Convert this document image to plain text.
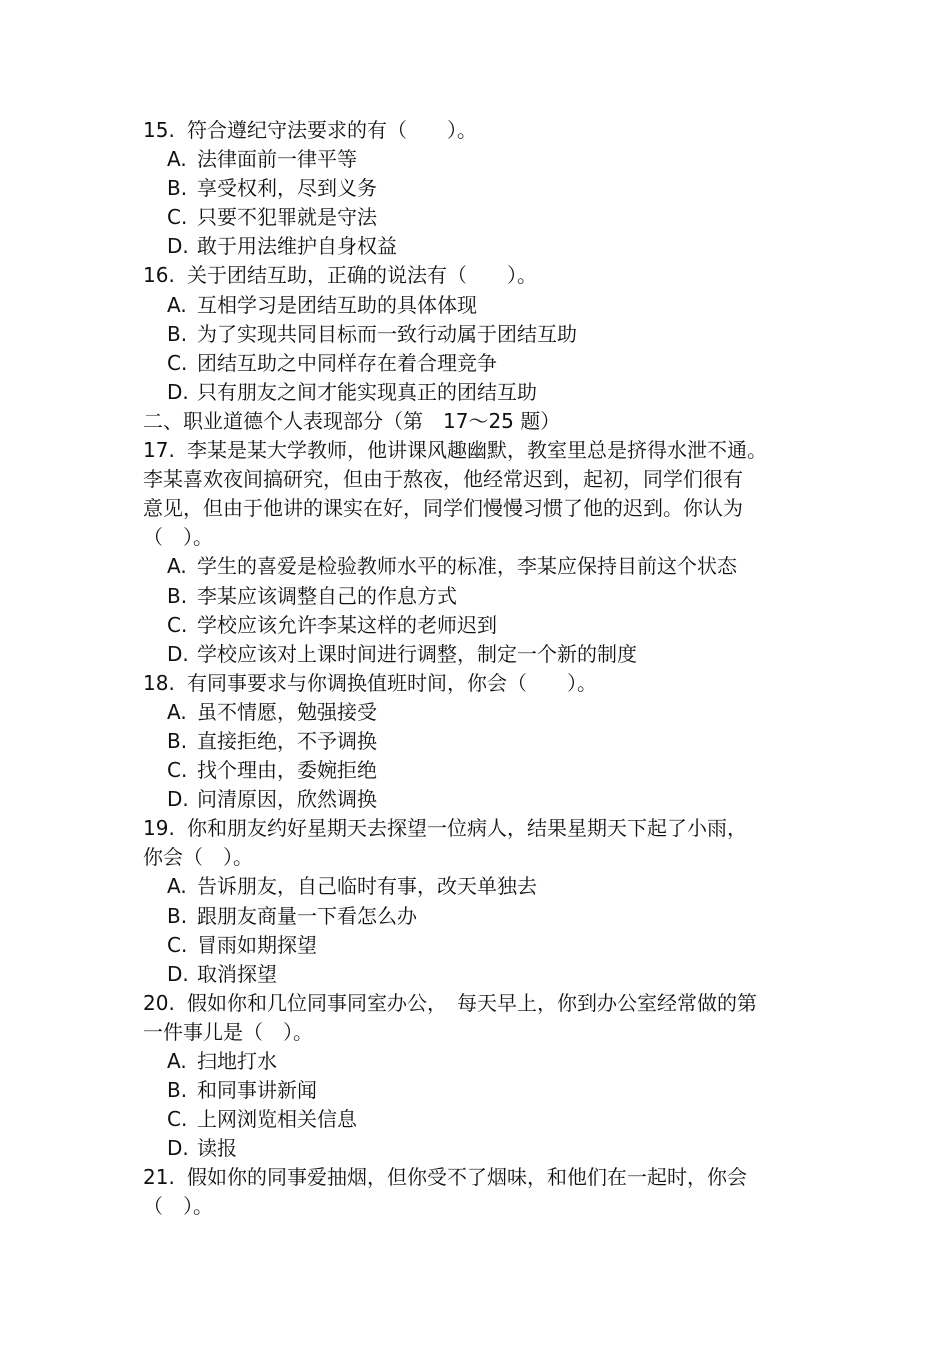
15. 符合遵纪守法要求的有（　　）。
A. 法律面前一律平等
B. 享受权利，尽到义务
C. 只要不犯罪就是守法
D. 敢于用法维护自身权益
16. 关于团结互助，正确的说法有（　　）。
A. 互相学习是团结互助的具体体现
B. 为了实现共同目标而一致行动属于团结互助
C. 团结互助之中同样存在着合理竞争
D. 只有朋友之间才能实现真正的团结互助
二、职业道德个人表现部分（第　17～25 题）
17. 李某是某大学教师，他讲课风趣幽默，教室里总是挤得水泄不通。
李某喜欢夜间搞研究，但由于熬夜，他经常迟到，起初，同学们很有
意见，但由于他讲的课实在好，同学们慢慢习惯了他的迟到。你认为
（　）。
A. 学生的喜爱是检验教师水平的标准，李某应保持目前这个状态
B. 李某应该调整自己的作息方式
C. 学校应该允许李某这样的老师迟到
D. 学校应该对上课时间进行调整，制定一个新的制度
18. 有同事要求与你调换值班时间，你会（　　）。
A. 虽不情愿，勉强接受
B. 直接拒绝，不予调换
C. 找个理由，委婉拒绝
D. 问清原因，欣然调换
19. 你和朋友约好星期天去探望一位病人，结果星期天下起了小雨，
你会（　）。
A. 告诉朋友，自己临时有事，改天单独去
B. 跟朋友商量一下看怎么办
C. 冒雨如期探望
D. 取消探望
20. 假如你和几位同事同室办公，　每天早上，你到办公室经常做的第
一件事儿是（　）。
A. 扫地打水
B. 和同事讲新闻
C. 上网浏览相关信息
D. 读报
21. 假如你的同事爱抽烟，但你受不了烟味，和他们在一起时，你会
（　）。
